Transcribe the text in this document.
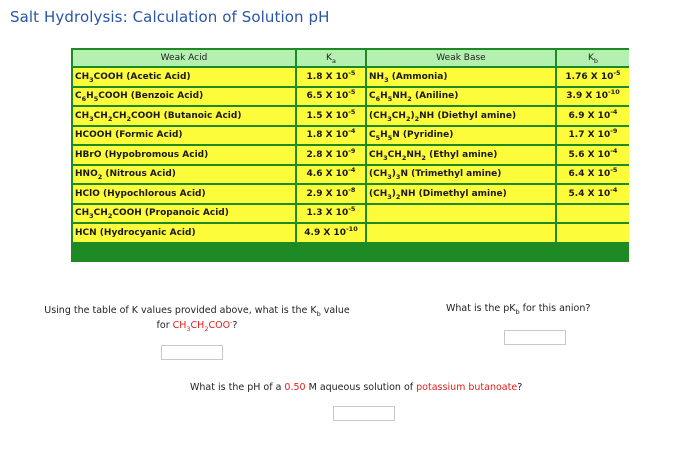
Salt Hydrolysis: Calculation of Solution pH
Weak Acid	$K_a$	Weak Base	$K_b$
$CH_3COOH$ (Acetic Acid)	1.8 X $10^{-5}$	$NH_3$ (Ammonia)	1.76 X $10^{-5}$
$C_6H_5COOH$ (Benzoic Acid)	6.5 X $10^{-5}$	$C_6H_5NH_2$ (Aniline)	3.9 X $10^{-10}$
$CH_3CH_2CH_2COOH$ (Butanoic Acid)	1.5 X $10^{-5}$	$(CH_3CH_2)_2NH$ (Diethyl amine)	6.9 X $10^{-4}$
HCOOH (Formic Acid)	1.8 X $10^{-4}$	$C_5H_5N$ (Pyridine)	1.7 X $10^{-9}$
HBrO (Hypobromous Acid)	2.8 X $10^{-9}$	$CH_3CH_2NH_2$ (Ethyl amine)	5.6 X $10^{-4}$
$HNO_2$ (Nitrous Acid)	4.6 X $10^{-4}$	$(CH_3)_3N$ (Trimethyl amine)	6.4 X $10^{-5}$
HClO (Hypochlorous Acid)	2.9 X $10^{-8}$	$(CH_3)_2NH$ (Dimethyl amine)	5.4 X $10^{-4}$
$CH_3CH_2COOH$ (Propanoic Acid)	1.3 X $10^{-5}$		
HCN (Hydrocyanic Acid)	4.9 X $10^{-10}$		
Using the table of K values provided above, what is the $K_b$ value
for $CH_3CH_2COO^-$?
What is the $pK_b$ for this anion?
What is the pH of a 0.50 M aqueous solution of potassium butanoate?
